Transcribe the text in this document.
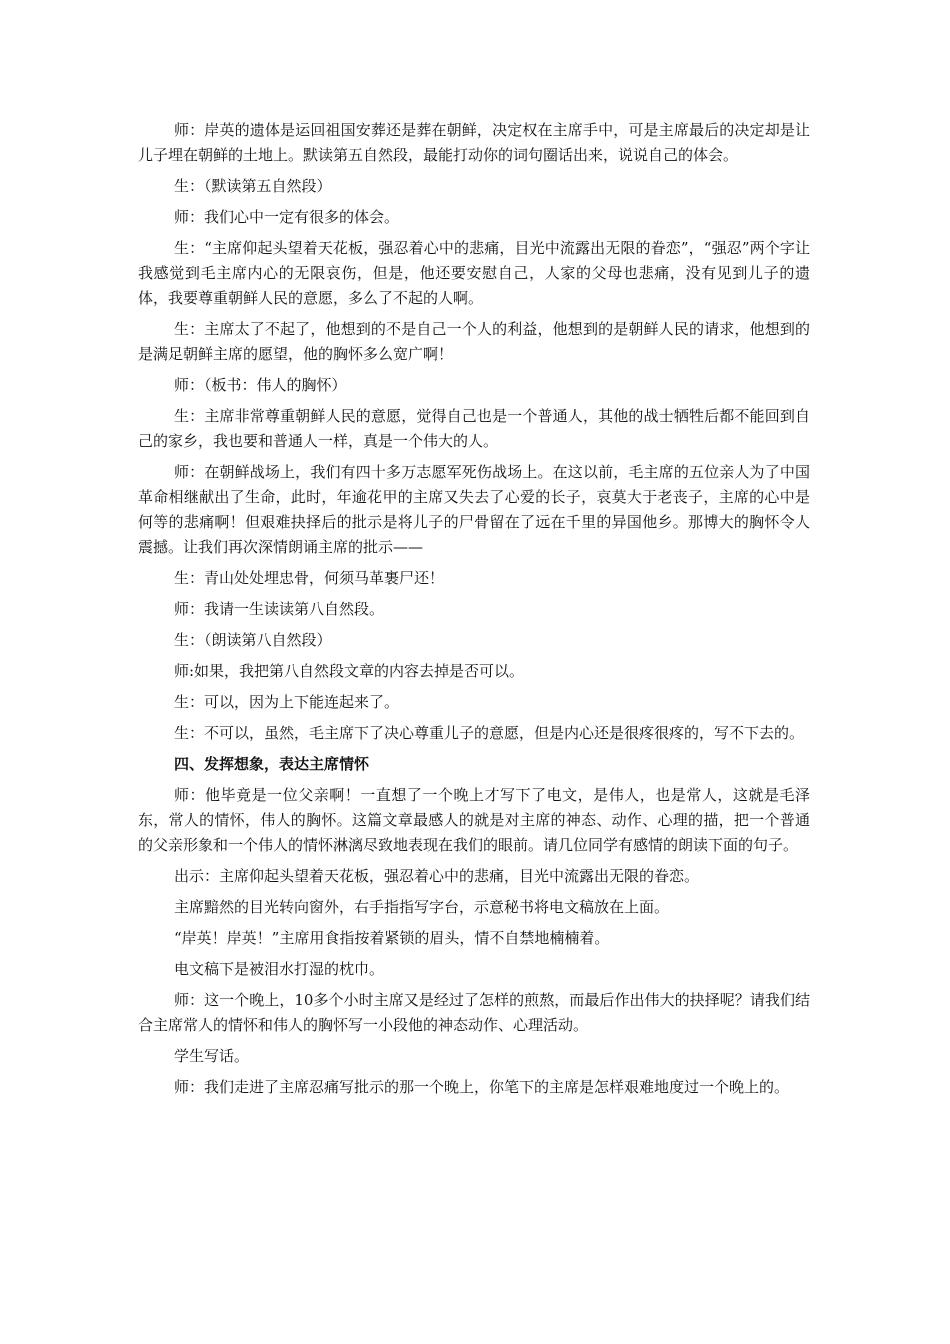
师：岸英的遗体是运回祖国安葬还是葬在朝鲜，决定权在主席手中，可是主席最后的决定却是让儿子埋在朝鲜的土地上。默读第五自然段，最能打动你的词句圈话出来，说说自己的体会。

生：（默读第五自然段）

师：我们心中一定有很多的体会。

生：“主席仰起头望着天花板，强忍着心中的悲痛，目光中流露出无限的眷恋”，“强忍”两个字让我感觉到毛主席内心的无限哀伤，但是，他还要安慰自己，人家的父母也悲痛，没有见到儿子的遗体，我要尊重朝鲜人民的意愿，多么了不起的人啊。

生：主席太了不起了，他想到的不是自己一个人的利益，他想到的是朝鲜人民的请求，他想到的是满足朝鲜主席的愿望，他的胸怀多么宽广啊！

师：（板书：伟人的胸怀）

生：主席非常尊重朝鲜人民的意愿，觉得自己也是一个普通人，其他的战士牺牲后都不能回到自己的家乡，我也要和普通人一样，真是一个伟大的人。

师：在朝鲜战场上，我们有四十多万志愿军死伤战场上。在这以前，毛主席的五位亲人为了中国革命相继献出了生命，此时，年逾花甲的主席又失去了心爱的长子，哀莫大于老丧子，主席的心中是何等的悲痛啊！但艰难抉择后的批示是将儿子的尸骨留在了远在千里的异国他乡。那博大的胸怀令人震撼。让我们再次深情朗诵主席的批示——

生：青山处处埋忠骨，何须马革裹尸还！

师：我请一生读读第八自然段。

生：（朗读第八自然段）

师:如果，我把第八自然段文章的内容去掉是否可以。

生：可以，因为上下能连起来了。

生：不可以，虽然，毛主席下了决心尊重儿子的意愿，但是内心还是很疼很疼的，写不下去的。

四、发挥想象，表达主席情怀

师：他毕竟是一位父亲啊！一直想了一个晚上才写下了电文，是伟人，也是常人，这就是毛泽东，常人的情怀，伟人的胸怀。这篇文章最感人的就是对主席的神态、动作、心理的描，把一个普通的父亲形象和一个伟人的情怀淋漓尽致地表现在我们的眼前。请几位同学有感情的朗读下面的句子。

出示：主席仰起头望着天花板，强忍着心中的悲痛，目光中流露出无限的眷恋。

主席黯然的目光转向窗外，右手指指写字台，示意秘书将电文稿放在上面。

“岸英！岸英！”主席用食指按着紧锁的眉头，情不自禁地楠楠着。

电文稿下是被泪水打湿的枕巾。

师：这一个晚上，10多个小时主席又是经过了怎样的煎熬，而最后作出伟大的抉择呢？请我们结合主席常人的情怀和伟人的胸怀写一小段他的神态动作、心理活动。

学生写话。

师：我们走进了主席忍痛写批示的那一个晚上，你笔下的主席是怎样艰难地度过一个晚上的。
